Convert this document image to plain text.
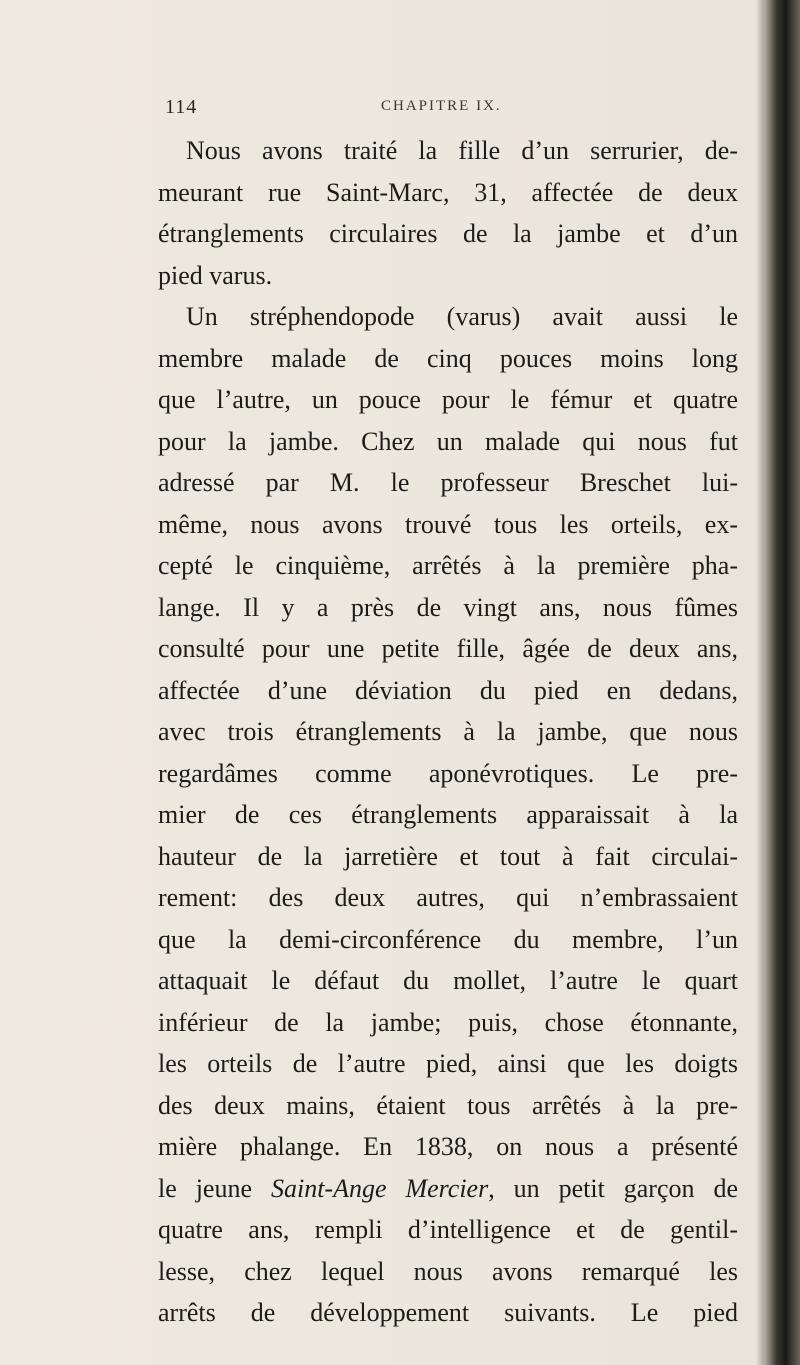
114	CHAPITRE IX.
Nous avons traité la fille d’un serrurier, de-
meurant rue Saint-Marc, 31, affectée de deux
étranglements circulaires de la jambe et d’un
pied varus.
Un stréphendopode (varus) avait aussi le
membre malade de cinq pouces moins long
que l’autre, un pouce pour le fémur et quatre
pour la jambe. Chez un malade qui nous fut
adressé par M. le professeur Breschet lui-
même, nous avons trouvé tous les orteils, ex-
cepté le cinquième, arrêtés à la première pha-
lange. Il y a près de vingt ans, nous fûmes
consulté pour une petite fille, âgée de deux ans,
affectée d’une déviation du pied en dedans,
avec trois étranglements à la jambe, que nous
regardâmes comme aponévrotiques. Le pre-
mier de ces étranglements apparaissait à la
hauteur de la jarretière et tout à fait circulai-
rement: des deux autres, qui n’embrassaient
que la demi-circonférence du membre, l’un
attaquait le défaut du mollet, l’autre le quart
inférieur de la jambe; puis, chose étonnante,
les orteils de l’autre pied, ainsi que les doigts
des deux mains, étaient tous arrêtés à la pre-
mière phalange. En 1838, on nous a présenté
le jeune Saint-Ange Mercier, un petit garçon de
quatre ans, rempli d’intelligence et de gentil-
lesse, chez lequel nous avons remarqué les
arrêts de développement suivants. Le pied
